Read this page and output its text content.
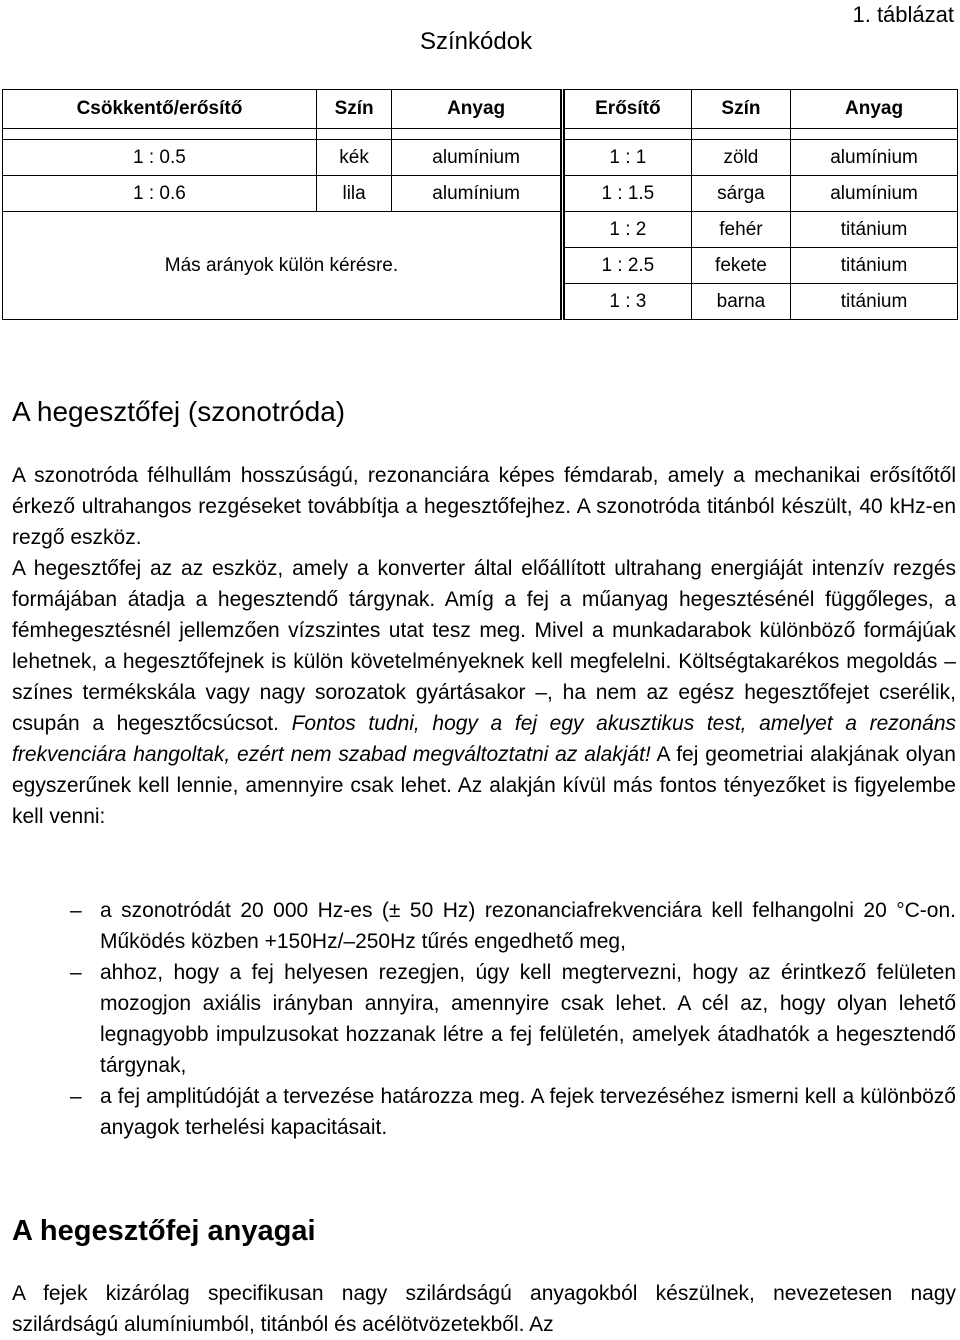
1. táblázat
Színkódok
Csökkentő/erősítő	Szín	Anyag	Erősítő	Szín	Anyag

1 : 0.5	kék	alumínium	1 : 1	zöld	alumínium
1 : 0.6	lila	alumínium	1 : 1.5	sárga	alumínium
Más arányok külön kérésre.			1 : 2	fehér	titánium
			1 : 2.5	fekete	titánium
			1 : 3	barna	titánium
A hegesztőfej (szonotróda)
A szonotróda félhullám hosszúságú, rezonanciára képes fémdarab, amely a mechanikai erősítőtől érkező ultrahangos rezgéseket továbbítja a hegesztőfejhez. A szonotróda titánból készült, 40 kHz-en rezgő eszköz.
A hegesztőfej az az eszköz, amely a konverter által előállított ultrahang energiáját intenzív rezgés formájában átadja a hegesztendő tárgynak. Amíg a fej a műanyag hegesztésénél függőleges, a fémhegesztésnél jellemzően vízszintes utat tesz meg. Mivel a munkadarabok különböző formájúak lehetnek, a hegesztőfejnek is külön követelményeknek kell megfelelni. Költségtakarékos megoldás – színes termékskála vagy nagy sorozatok gyártásakor –, ha nem az egész hegesztőfejet cserélik, csupán a hegesztőcsúcsot. Fontos tudni, hogy a fej egy akusztikus test, amelyet a rezonáns frekvenciára hangoltak, ezért nem szabad megváltoztatni az alakját! A fej geometriai alakjának olyan egyszerűnek kell lennie, amennyire csak lehet. Az alakján kívül más fontos tényezőket is figyelembe kell venni:
– a szonotródát 20 000 Hz-es (± 50 Hz) rezonanciafrekvenciára kell felhangolni 20 °C-on. Működés közben +150Hz/–250Hz tűrés engedhető meg,
– ahhoz, hogy a fej helyesen rezegjen, úgy kell megtervezni, hogy az érintkező felületen mozogjon axiális irányban annyira, amennyire csak lehet. A cél az, hogy olyan lehető legnagyobb impulzusokat hozzanak létre a fej felületén, amelyek átadhatók a hegesztendő tárgynak,
– a fej amplitúdóját a tervezése határozza meg. A fejek tervezéséhez ismerni kell a különböző anyagok terhelési kapacitásait.
A hegesztőfej anyagai
A fejek kizárólag specifikusan nagy szilárdságú anyagokból készülnek, nevezetesen nagy szilárdságú alumíniumból, titánból és acélötvözetekből. Az
